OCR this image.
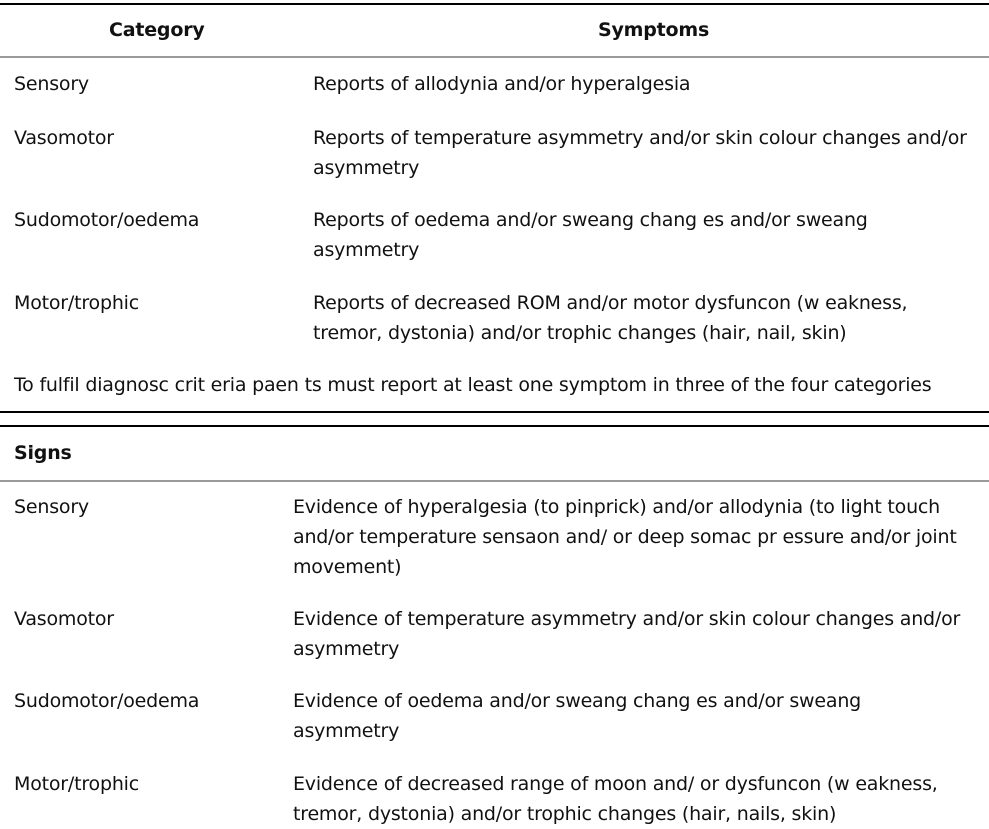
Category	Symptoms
Sensory	Reports of allodynia and/or hyperalgesia
Vasomotor	Reports of temperature asymmetry and/or skin colour changes and/or
asymmetry
Sudomotor/oedema	Reports of oedema and/or sweang chang es and/or sweang
asymmetry
Motor/trophic	Reports of decreased ROM and/or motor dysfuncon (w eakness,
tremor, dystonia) and/or trophic changes (hair, nail, skin)
To fulfil diagnosc crit eria paen ts must report at least one symptom in three of the four categories
Signs
Sensory	Evidence of hyperalgesia (to pinprick) and/or allodynia (to light touch
and/or temperature sensaon and/ or deep somac pr essure and/or joint
movement)
Vasomotor	Evidence of temperature asymmetry and/or skin colour changes and/or
asymmetry
Sudomotor/oedema	Evidence of oedema and/or sweang chang es and/or sweang
asymmetry
Motor/trophic	Evidence of decreased range of moon and/ or dysfuncon (w eakness,
tremor, dystonia) and/or trophic changes (hair, nails, skin)
